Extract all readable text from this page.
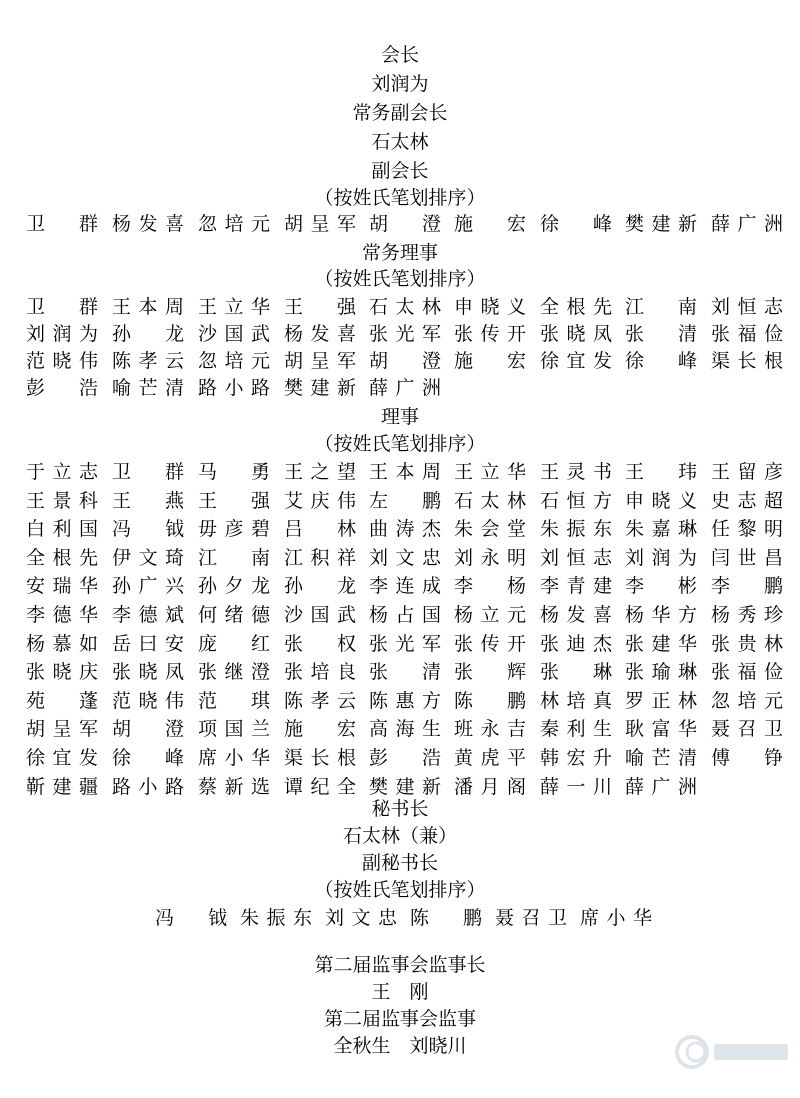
会长
刘润为
常务副会长
石太林
副会长
（按姓氏笔划排序）
卫群 杨发喜 忽培元 胡呈军 胡澄 施宏 徐峰 樊建新 薛广洲
常务理事
（按姓氏笔划排序）
卫群 王本周 王立华 王强 石太林 申晓义 全根先 江南 刘恒志
刘润为 孙龙 沙国武 杨发喜 张光军 张传开 张晓凤 张清 张福俭
范晓伟 陈孝云 忽培元 胡呈军 胡澄 施宏 徐宜发 徐峰 渠长根
彭浩 喻芒清 路小路 樊建新 薛广洲
理事
（按姓氏笔划排序）
于立志 卫群 马勇 王之望 王本周 王立华 王灵书 王玮 王留彦
王景科 王燕 王强 艾庆伟 左鹏 石太林 石恒方 申晓义 史志超
白利国 冯钺 毋彦碧 吕林 曲涛杰 朱会堂 朱振东 朱嘉琳 任黎明
全根先 伊文琦 江南 江积祥 刘文忠 刘永明 刘恒志 刘润为 闫世昌
安瑞华 孙广兴 孙夕龙 孙龙 李连成 李杨 李青建 李彬 李鹏
李德华 李德斌 何绪德 沙国武 杨占国 杨立元 杨发喜 杨华方 杨秀珍
杨慕如 岳曰安 庞红 张权 张光军 张传开 张迪杰 张建华 张贵林
张晓庆 张晓凤 张继澄 张培良 张清 张辉 张琳 张瑜琳 张福俭
苑蓬 范晓伟 范琪 陈孝云 陈惠方 陈鹏 林培真 罗正林 忽培元
胡呈军 胡澄 项国兰 施宏 高海生 班永吉 秦利生 耿富华 聂召卫
徐宜发 徐峰 席小华 渠长根 彭浩 黄虎平 韩宏升 喻芒清 傅铮
靳建疆 路小路 蔡新选 谭纪全 樊建新 潘月阁 薛一川 薛广洲
秘书长
石太林（兼）
副秘书长
（按姓氏笔划排序）
冯钺 朱振东 刘文忠 陈鹏 聂召卫 席小华
第二届监事会监事长
王　刚
第二届监事会监事
全秋生　刘晓川
